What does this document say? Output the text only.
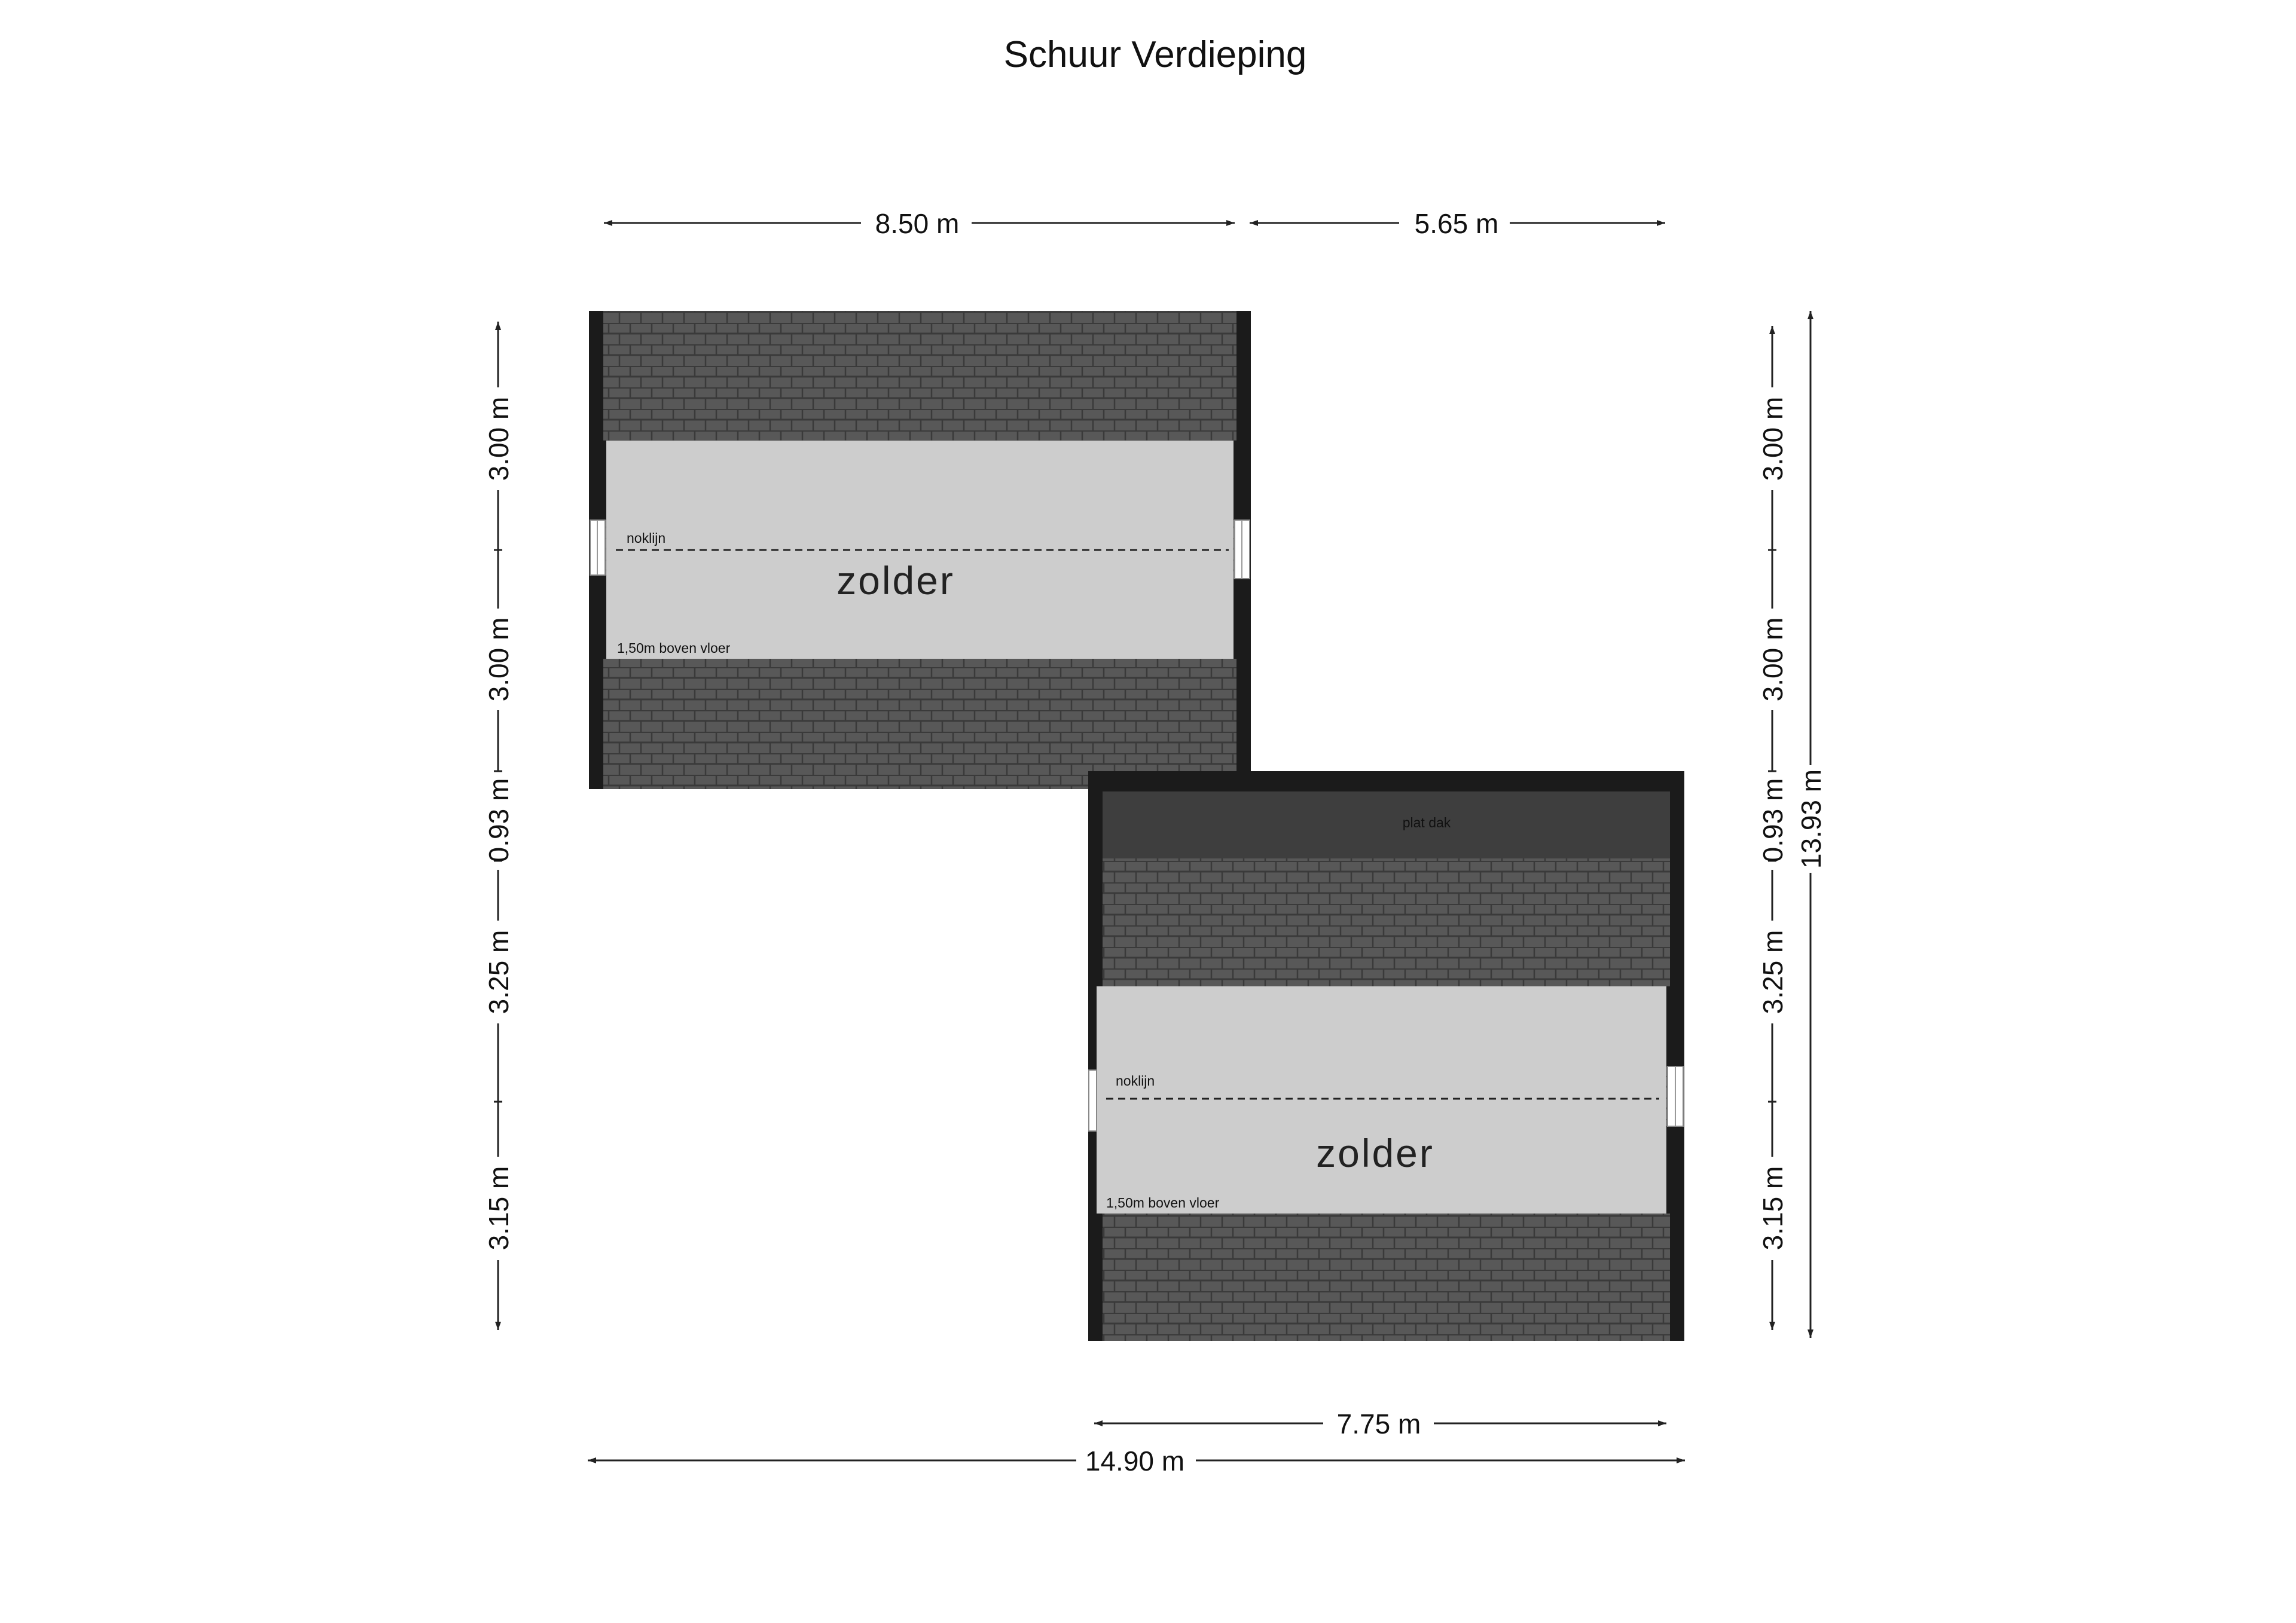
Schuur Verdieping
noklijn
zolder
1,50m boven vloer
plat dak
noklijn
zolder
1,50m boven vloer
8.50 m	5.65 m
7.75 m
14.90 m
3.00 m
3.00 m
0.93 m
3.25 m
3.15 m
3.00 m
3.00 m
0.93 m
3.25 m
3.15 m
13.93 m
